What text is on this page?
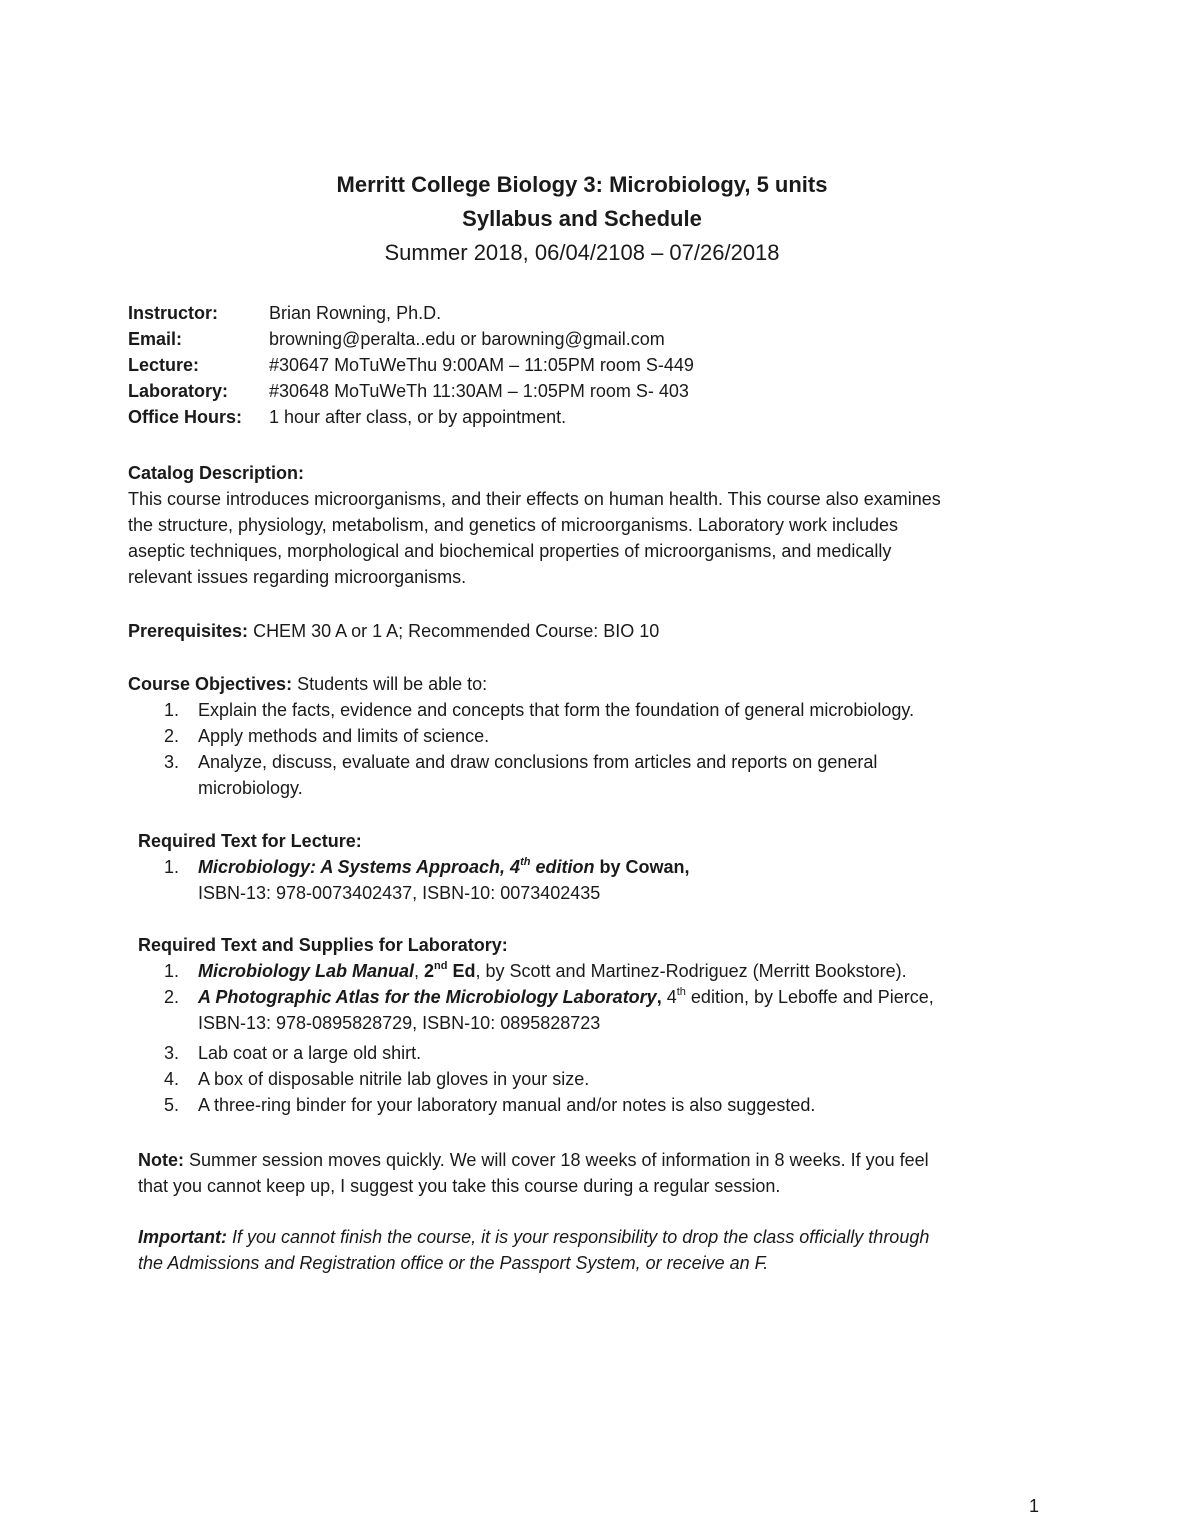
Merritt College Biology 3: Microbiology, 5 units
Syllabus and Schedule
Summer 2018, 06/04/2108 – 07/26/2018
Instructor:	Brian Rowning, Ph.D.
Email:	browning@peralta..edu or barowning@gmail.com
Lecture:	#30647 MoTuWeThu 9:00AM – 11:05PM room S-449
Laboratory:	#30648 MoTuWeTh 11:30AM – 1:05PM room S- 403
Office Hours:	1 hour after class, or by appointment.
Catalog Description:
This course introduces microorganisms, and their effects on human health. This course also examines
the structure, physiology, metabolism, and genetics of microorganisms. Laboratory work includes
aseptic techniques, morphological and biochemical properties of microorganisms, and medically
relevant issues regarding microorganisms.
Prerequisites: CHEM 30 A or 1 A; Recommended Course: BIO 10
Course Objectives: Students will be able to:
1. Explain the facts, evidence and concepts that form the foundation of general microbiology.
2. Apply methods and limits of science.
3. Analyze, discuss, evaluate and draw conclusions from articles and reports on general
microbiology.
Required Text for Lecture:
1. Microbiology: A Systems Approach, 4th edition by Cowan,
ISBN-13: 978-0073402437, ISBN-10: 0073402435
Required Text and Supplies for Laboratory:
1. Microbiology Lab Manual, 2nd Ed, by Scott and Martinez-Rodriguez (Merritt Bookstore).
2. A Photographic Atlas for the Microbiology Laboratory, 4th edition, by Leboffe and Pierce,
ISBN-13: 978-0895828729, ISBN-10: 0895828723
3. Lab coat or a large old shirt.
4. A box of disposable nitrile lab gloves in your size.
5. A three-ring binder for your laboratory manual and/or notes is also suggested.
Note: Summer session moves quickly. We will cover 18 weeks of information in 8 weeks. If you feel
that you cannot keep up, I suggest you take this course during a regular session.
Important: If you cannot finish the course, it is your responsibility to drop the class officially through
the Admissions and Registration office or the Passport System, or receive an F.
1
